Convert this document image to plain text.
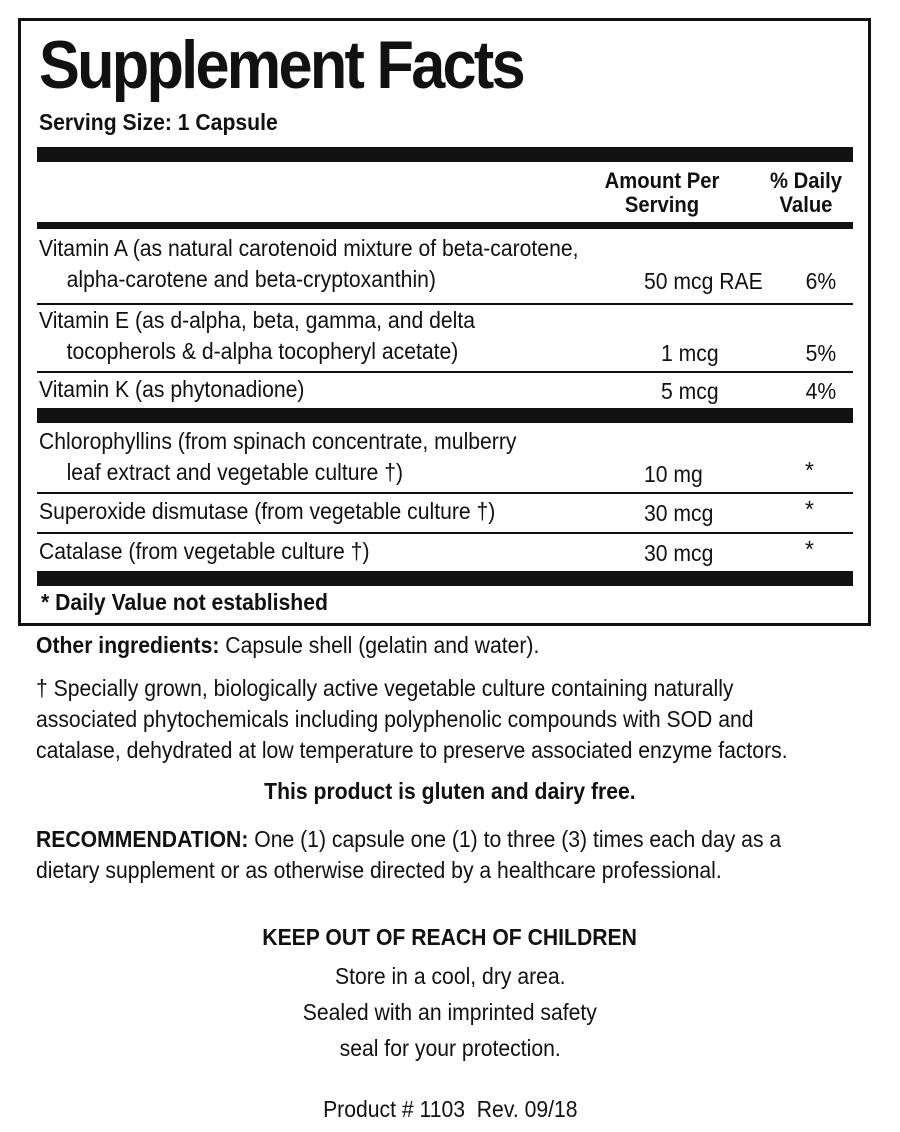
Supplement Facts
Serving Size: 1 Capsule
Amount Per
Serving
% Daily
Value
Vitamin A (as natural carotenoid mixture of beta-carotene,
alpha-carotene and beta-cryptoxanthin)	50 mcg RAE 6%
Vitamin E (as d-alpha, beta, gamma, and delta
tocopherols & d-alpha tocopheryl acetate)	1 mcg	5%
Vitamin K (as phytonadione)	5 mcg	4%
Chlorophyllins (from spinach concentrate, mulberry
leaf extract and vegetable culture †)	10 mg	*
Superoxide dismutase (from vegetable culture †)	30 mcg	*
Catalase (from vegetable culture †)	30 mcg	*
* Daily Value not established
Other ingredients: Capsule shell (gelatin and water).
† Specially grown, biologically active vegetable culture containing naturally
associated phytochemicals including polyphenolic compounds with SOD and
catalase, dehydrated at low temperature to preserve associated enzyme factors.
This product is gluten and dairy free.
RECOMMENDATION: One (1) capsule one (1) to three (3) times each day as a
dietary supplement or as otherwise directed by a healthcare professional.
KEEP OUT OF REACH OF CHILDREN
Store in a cool, dry area.
Sealed with an imprinted safety
seal for your protection.
Product # 1103  Rev. 09/18
